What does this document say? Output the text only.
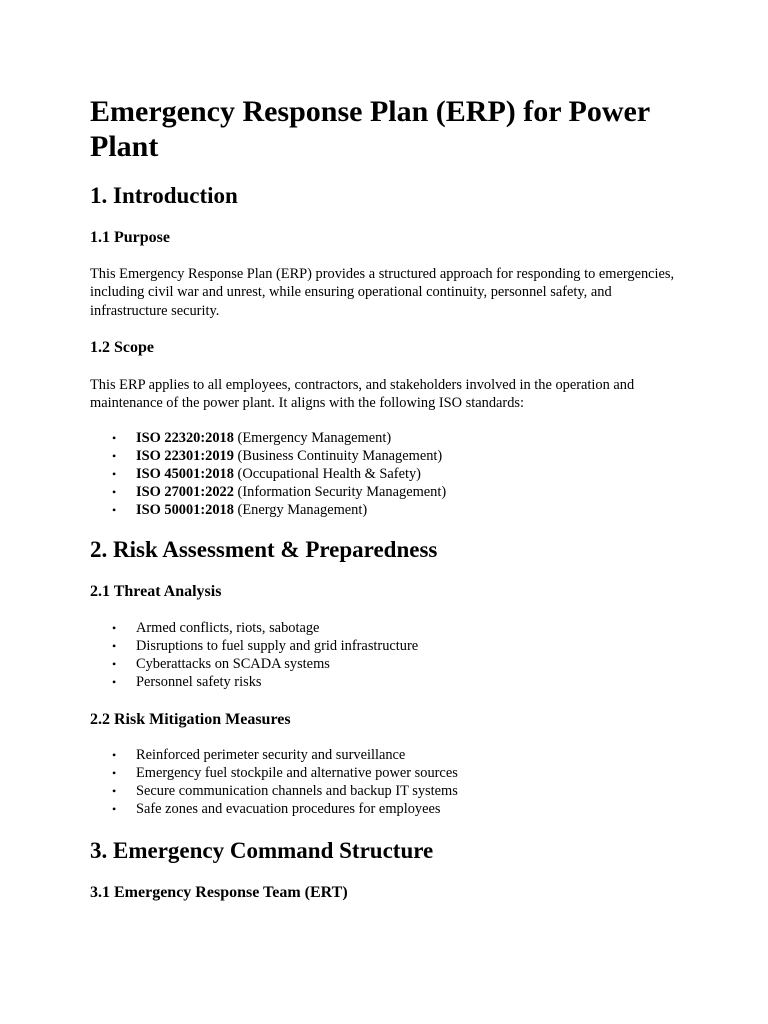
Emergency Response Plan (ERP) for Power Plant
1. Introduction
1.1 Purpose

This Emergency Response Plan (ERP) provides a structured approach for responding to emergencies, including civil war and unrest, while ensuring operational continuity, personnel safety, and infrastructure security.

1.2 Scope

This ERP applies to all employees, contractors, and stakeholders involved in the operation and maintenance of the power plant. It aligns with the following ISO standards:

• ISO 22320:2018 (Emergency Management)
• ISO 22301:2019 (Business Continuity Management)
• ISO 45001:2018 (Occupational Health & Safety)
• ISO 27001:2022 (Information Security Management)
• ISO 50001:2018 (Energy Management)
2. Risk Assessment & Preparedness
2.1 Threat Analysis
• Armed conflicts, riots, sabotage
• Disruptions to fuel supply and grid infrastructure
• Cyberattacks on SCADA systems
• Personnel safety risks
2.2 Risk Mitigation Measures
• Reinforced perimeter security and surveillance
• Emergency fuel stockpile and alternative power sources
• Secure communication channels and backup IT systems
• Safe zones and evacuation procedures for employees
3. Emergency Command Structure
3.1 Emergency Response Team (ERT)
